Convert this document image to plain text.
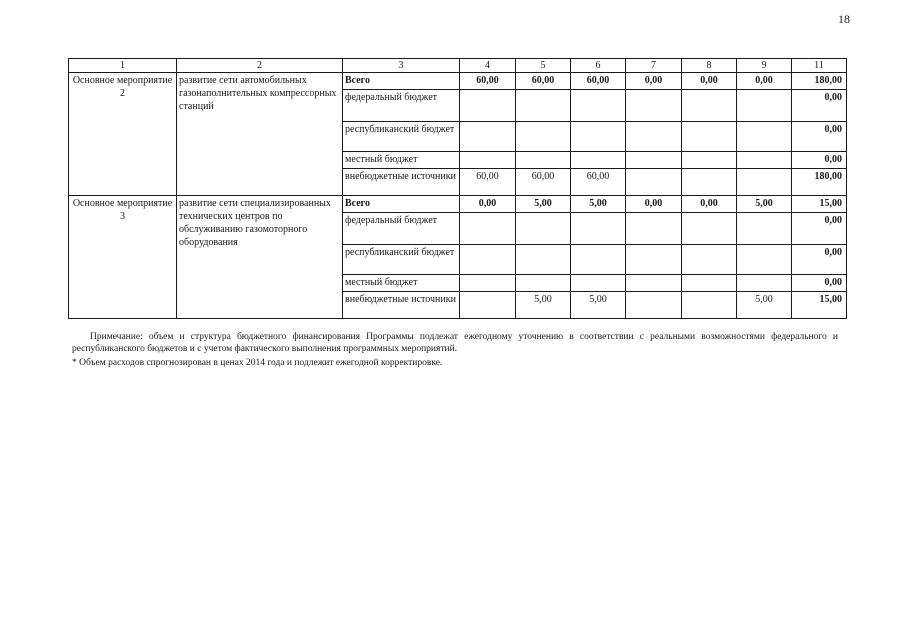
18
1	2	3	4	5	6	7	8	9	11
Основное мероприятие 2	развитие сети автомобильных газонаполнительных компрессорных станций	Всего	60,00	60,00	60,00	0,00	0,00	0,00	180,00
		федеральный бюджет							0,00
		республиканский бюджет							0,00
		местный бюджет							0,00
		внебюджетные источники	60,00	60,00	60,00				180,00
Основное мероприятие 3	развитие сети специализированных технических центров по обслуживанию газомоторного оборудования	Всего	0,00	5,00	5,00	0,00	0,00	5,00	15,00
		федеральный бюджет							0,00
		республиканский бюджет							0,00
		местный бюджет							0,00
		внебюджетные источники		5,00	5,00			5,00	15,00
Примечание: объем и структура бюджетного финансирования Программы подлежат ежегодному уточнению в соответствии с реальными возможностями федерального и республиканского бюджетов и с учетом фактического выполнения программных мероприятий.
* Объем расходов спрогнозирован в ценах 2014 года и подлежит ежегодной корректировке.
